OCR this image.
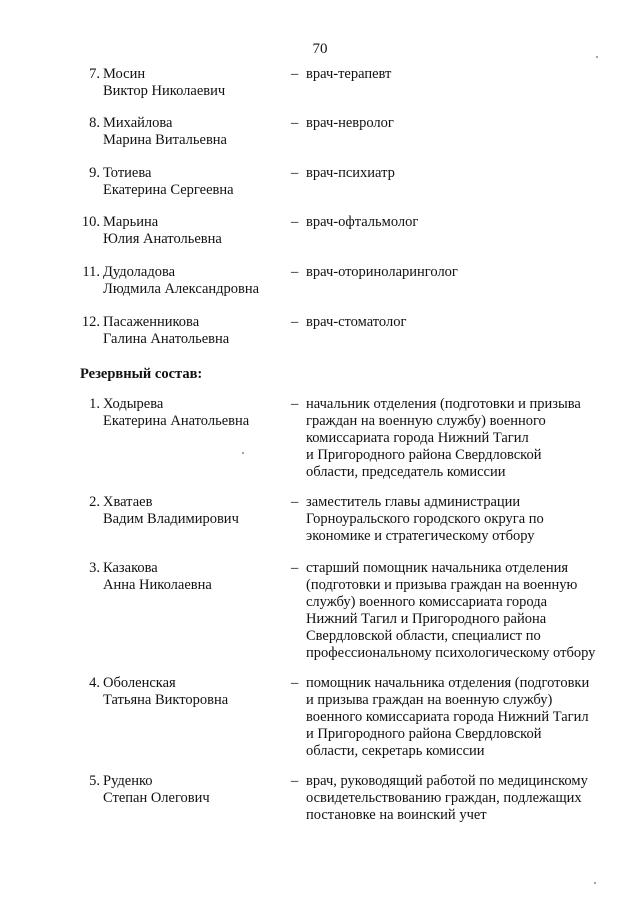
70
7. Мосин
Виктор Николаевич
– врач-терапевт
8. Михайлова
Марина Витальевна
– врач-невролог
9. Тотиева
Екатерина Сергеевна
– врач-психиатр
10. Марьина
Юлия Анатольевна
– врач-офтальмолог
11. Дудоладова
Людмила Александровна
– врач-оториноларинголог
12. Пасаженникова
Галина Анатольевна
– врач-стоматолог
Резервный состав:
1. Ходырева
Екатерина Анатольевна
– начальник отделения (подготовки и призыва
граждан на военную службу) военного
комиссариата города Нижний Тагил
и Пригородного района Свердловской
области, председатель комиссии
2. Хватаев
Вадим Владимирович
– заместитель главы администрации
Горноуральского городского округа по
экономике и стратегическому отбору
3. Казакова
Анна Николаевна
– старший помощник начальника отделения
(подготовки и призыва граждан на военную
службу) военного комиссариата города
Нижний Тагил и Пригородного района
Свердловской области, специалист по
профессиональному психологическому отбору
4. Оболенская
Татьяна Викторовна
– помощник начальника отделения (подготовки
и призыва граждан на военную службу)
военного комиссариата города Нижний Тагил
и Пригородного района Свердловской
области, секретарь комиссии
5. Руденко
Степан Олегович
– врач, руководящий работой по медицинскому
освидетельствованию граждан, подлежащих
постановке на воинский учет
